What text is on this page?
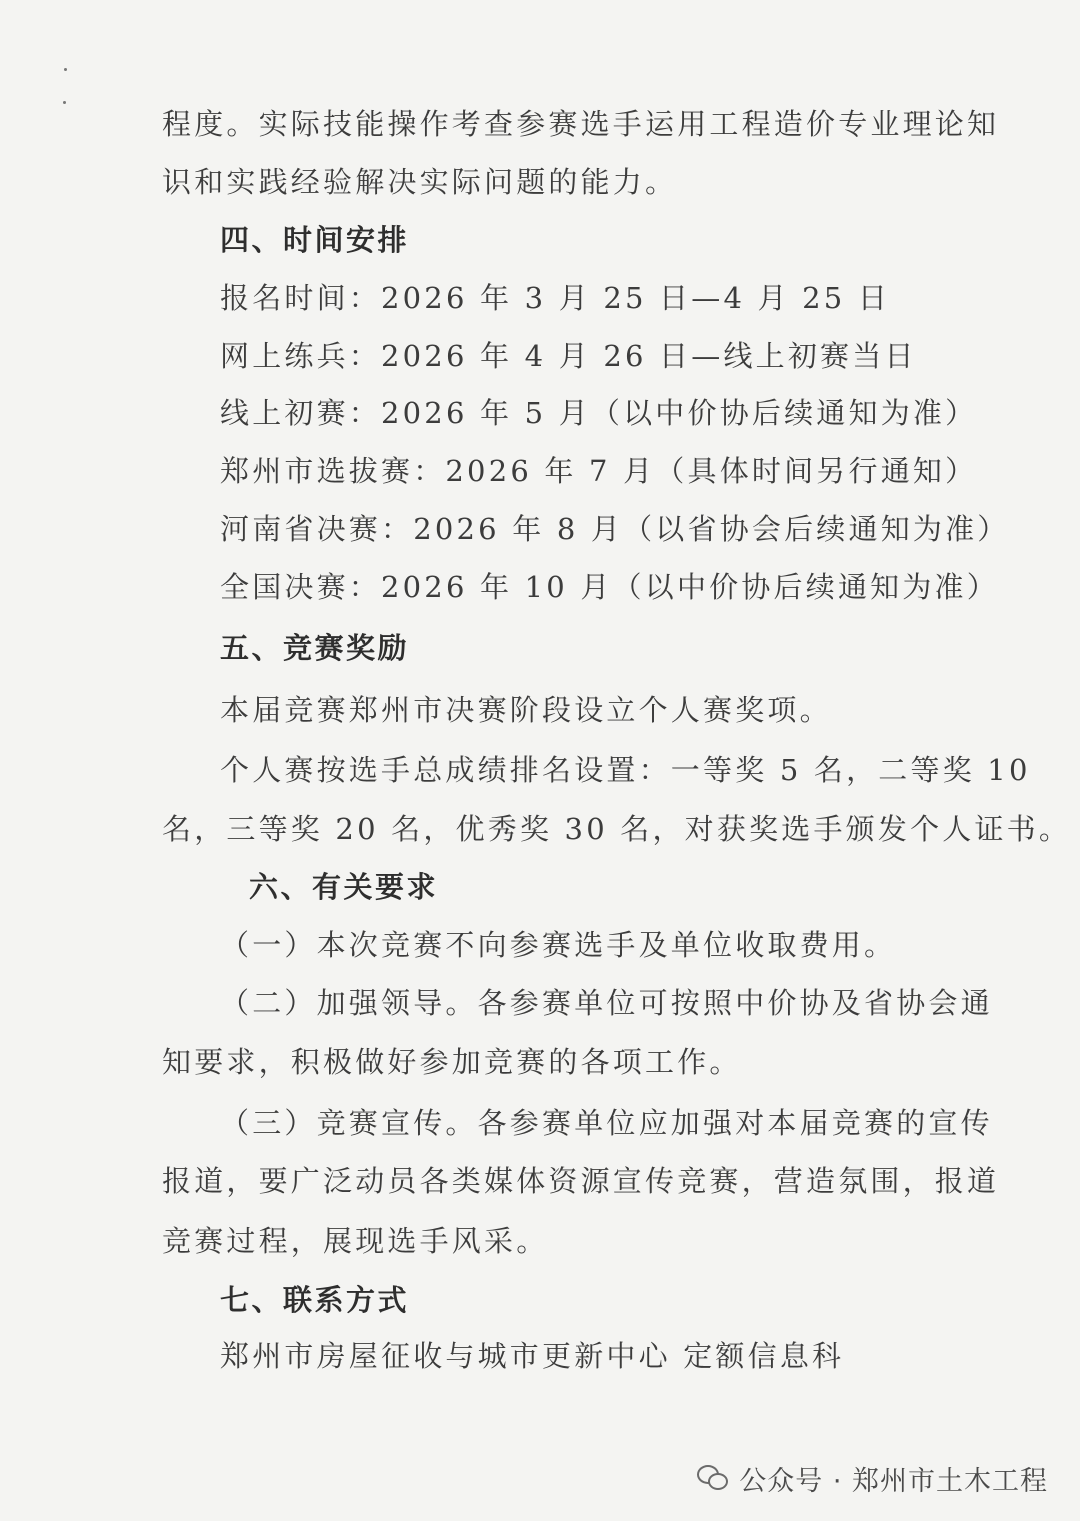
程度。实际技能操作考查参赛选手运用工程造价专业理论知
识和实践经验解决实际问题的能力。
四、时间安排
报名时间：2026 年 3 月 25 日—4 月 25 日
网上练兵：2026 年 4 月 26 日—线上初赛当日
线上初赛：2026 年 5 月（以中价协后续通知为准）
郑州市选拔赛：2026 年 7 月（具体时间另行通知）
河南省决赛：2026 年 8 月（以省协会后续通知为准）
全国决赛：2026 年 10 月（以中价协后续通知为准）
五、竞赛奖励
本届竞赛郑州市决赛阶段设立个人赛奖项。
个人赛按选手总成绩排名设置：一等奖 5 名，二等奖 10
名，三等奖 20 名，优秀奖 30 名，对获奖选手颁发个人证书。
六、有关要求
（一）本次竞赛不向参赛选手及单位收取费用。
（二）加强领导。各参赛单位可按照中价协及省协会通
知要求，积极做好参加竞赛的各项工作。
（三）竞赛宣传。各参赛单位应加强对本届竞赛的宣传
报道，要广泛动员各类媒体资源宣传竞赛，营造氛围，报道
竞赛过程，展现选手风采。
七、联系方式
郑州市房屋征收与城市更新中心 定额信息科
公众号 · 郑州市土木工程
